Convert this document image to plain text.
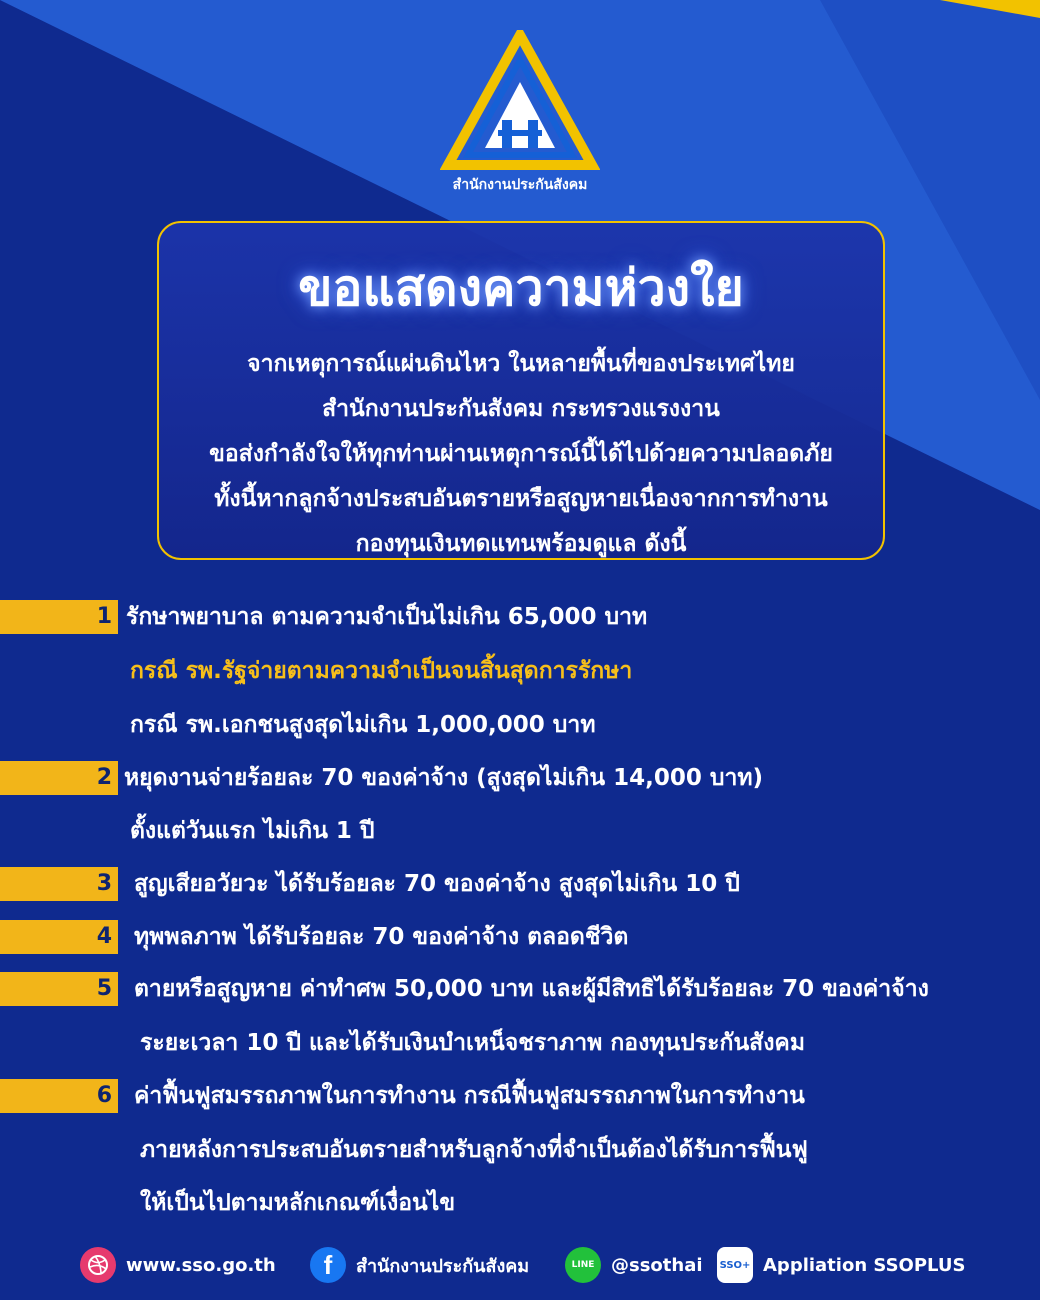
สำนักงานประกันสังคม
ขอแสดงความห่วงใย
จากเหตุการณ์แผ่นดินไหว ในหลายพื้นที่ของประเทศไทย
สำนักงานประกันสังคม กระทรวงแรงงาน
ขอส่งกำลังใจให้ทุกท่านผ่านเหตุการณ์นี้ได้ไปด้วยความปลอดภัย
ทั้งนี้หากลูกจ้างประสบอันตรายหรือสูญหายเนื่องจากการทำงาน
กองทุนเงินทดแทนพร้อมดูแล ดังนี้
1 รักษาพยาบาล ตามความจำเป็นไม่เกิน 65,000 บาท
กรณี รพ.รัฐจ่ายตามความจำเป็นจนสิ้นสุดการรักษา
กรณี รพ.เอกชนสูงสุดไม่เกิน 1,000,000 บาท
2 หยุดงานจ่ายร้อยละ 70 ของค่าจ้าง (สูงสุดไม่เกิน 14,000 บาท)
ตั้งแต่วันแรก ไม่เกิน 1 ปี
3 สูญเสียอวัยวะ ได้รับร้อยละ 70 ของค่าจ้าง สูงสุดไม่เกิน 10 ปี
4 ทุพพลภาพ ได้รับร้อยละ 70 ของค่าจ้าง ตลอดชีวิต
5 ตายหรือสูญหาย ค่าทำศพ 50,000 บาท และผู้มีสิทธิได้รับร้อยละ 70 ของค่าจ้าง
ระยะเวลา 10 ปี และได้รับเงินบำเหน็จชราภาพ กองทุนประกันสังคม
6 ค่าฟื้นฟูสมรรถภาพในการทำงาน กรณีฟื้นฟูสมรรถภาพในการทำงาน
ภายหลังการประสบอันตรายสำหรับลูกจ้างที่จำเป็นต้องได้รับการฟื้นฟู
ให้เป็นไปตามหลักเกณฑ์เงื่อนไข
www.sso.go.th f สำนักงานประกันสังคม	LINE @ssothai SSO+ Appliation SSOPLUS
